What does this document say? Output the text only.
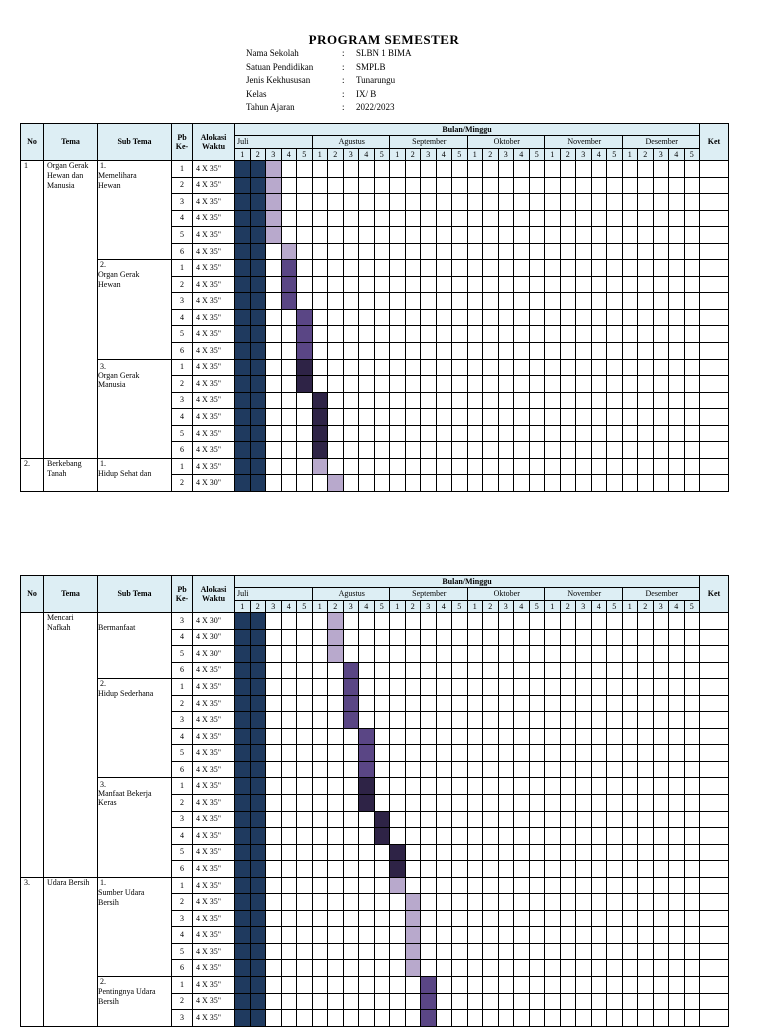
PROGRAM SEMESTER
Nama Sekolah	:	SLBN 1 BIMA
Satuan Pendidikan	:	SMPLB
Jenis Kekhususan	:	Tunarungu
Kelas	:	IX/ B
Tahun Ajaran	:	2022/2023
No	Tema	Sub Tema	Pb Ke-	Alokasi Waktu	Bulan/Minggu																														Ket
					Juli					Agustus					September					Oktober					November					Desember					
					1	2	3	4	5	1	2	3	4	5	1	2	3	4	5	1	2	3	4	5	1	2	3	4	5	1	2	3	4	5	
1	Organ Gerak Hewan dan Manusia	1.Memelihara Hewan	1	4 X 35"																															
			2	4 X 35"																															
			3	4 X 35"																															
			4	4 X 35"																															
			5	4 X 35"																															
			6	4 X 35"																															
		2.Organ Gerak Hewan	1	4 X 35"																															
			2	4 X 35"																															
			3	4 X 35"																															
			4	4 X 35"																															
			5	4 X 35"																															
			6	4 X 35"																															
		3.Organ Gerak Manusia	1	4 X 35"																															
			2	4 X 35"																															
			3	4 X 35"																															
			4	4 X 35"																															
			5	4 X 35"																															
			6	4 X 35"																															
2.	Berkebang Tanah	1.Hidup Sehat dan	1	4 X 35"																															
			2	4 X 30"																															
No	Tema	Sub Tema	Pb Ke-	Alokasi Waktu	Bulan/Minggu																														Ket
					Juli					Agustus					September					Oktober					November					Desember					
					1	2	3	4	5	1	2	3	4	5	1	2	3	4	5	1	2	3	4	5	1	2	3	4	5	1	2	3	4	5	
	Mencari Nafkah	Bermanfaat	3	4 X 30"																															
			4	4 X 30"																															
			5	4 X 30"																															
			6	4 X 35"																															
		2.Hidup Sederhana	1	4 X 35"																															
			2	4 X 35"																															
			3	4 X 35"																															
			4	4 X 35"																															
			5	4 X 35"																															
			6	4 X 35"																															
		3.Manfaat Bekerja Keras	1	4 X 35"																															
			2	4 X 35"																															
			3	4 X 35"																															
			4	4 X 35"																															
			5	4 X 35"																															
			6	4 X 35"																															
3.	Udara Bersih	1.Sumber Udara Bersih	1	4 X 35"																															
			2	4 X 35"																															
			3	4 X 35"																															
			4	4 X 35"																															
			5	4 X 35"																															
			6	4 X 35"																															
		2.Pentingnya Udara Bersih	1	4 X 35"																															
			2	4 X 35"																															
			3	4 X 35"																															
